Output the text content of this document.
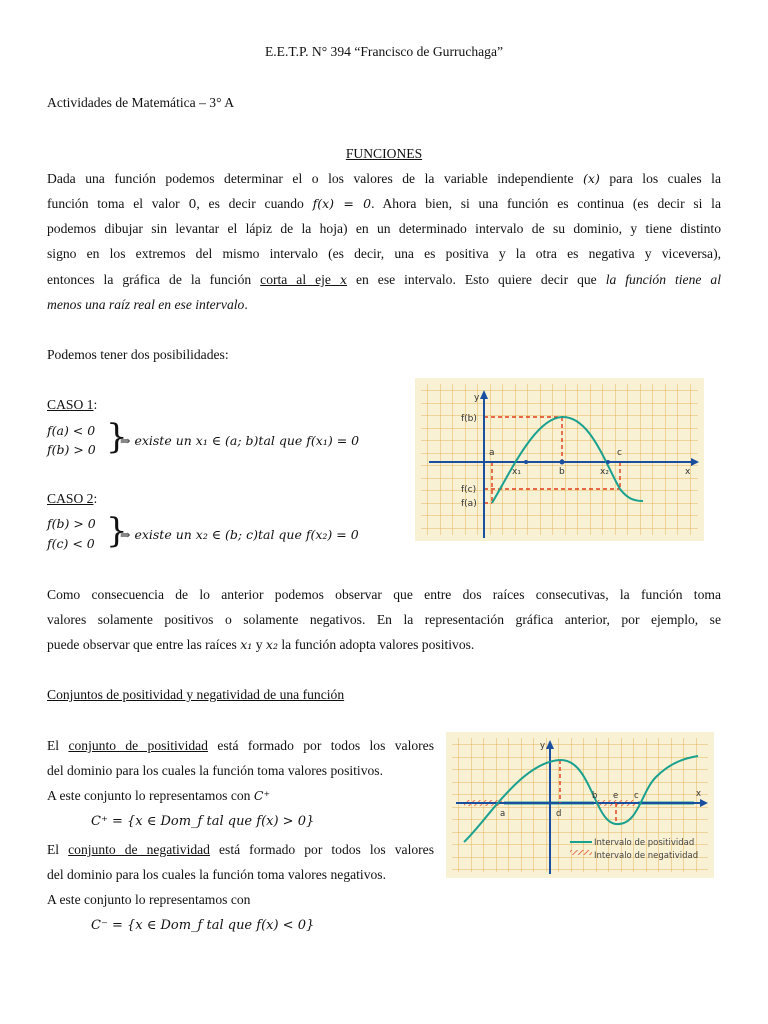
E.E.T.P. N° 394 “Francisco de Gurruchaga”
Actividades de Matemática – 3° A
FUNCIONES
Dada una función podemos determinar el o los valores de la variable independiente (x) para los cuales la
función toma el valor 0, es decir cuando f(x) = 0. Ahora bien, si una función es continua (es decir si la
podemos dibujar sin levantar el lápiz de la hoja) en un determinado intervalo de su dominio, y tiene distinto
signo en los extremos del mismo intervalo (es decir, una es positiva y la otra es negativa y viceversa),
entonces la gráfica de la función corta al eje x en ese intervalo. Esto quiere decir que la función tiene al
menos una raíz real en ese intervalo.
Podemos tener dos posibilidades:
CASO 1:
f(a) < 0
f(b) > 0 }
⇒ existe un x₁ ∈ (a; b)tal que f(x₁) = 0
CASO 2:
f(b) > 0
f(c) < 0 }
⇒ existe un x₂ ∈ (b; c)tal que f(x₂) = 0
y
x
f(b)
f(c)
f(a)
a
b
c
x₁	x₂
Como consecuencia de lo anterior podemos observar que entre dos raíces consecutivas, la función toma
valores solamente positivos o solamente negativos. En la representación gráfica anterior, por ejemplo, se
puede observar que entre las raíces x₁ y x₂ la función adopta valores positivos.
Conjuntos de positividad y negatividad de una función
El conjunto de positividad está formado por todos los valores
del dominio para los cuales la función toma valores positivos.
A este conjunto lo representamos con C⁺
C⁺ = {x ∈ Dom_f tal que f(x) > 0}
El conjunto de negatividad está formado por todos los valores
del dominio para los cuales la función toma valores negativos.
A este conjunto lo representamos con
C⁻ = {x ∈ Dom_f tal que f(x) < 0}
y
x
a	d
b e c
Intervalo de positividad
Intervalo de negatividad
